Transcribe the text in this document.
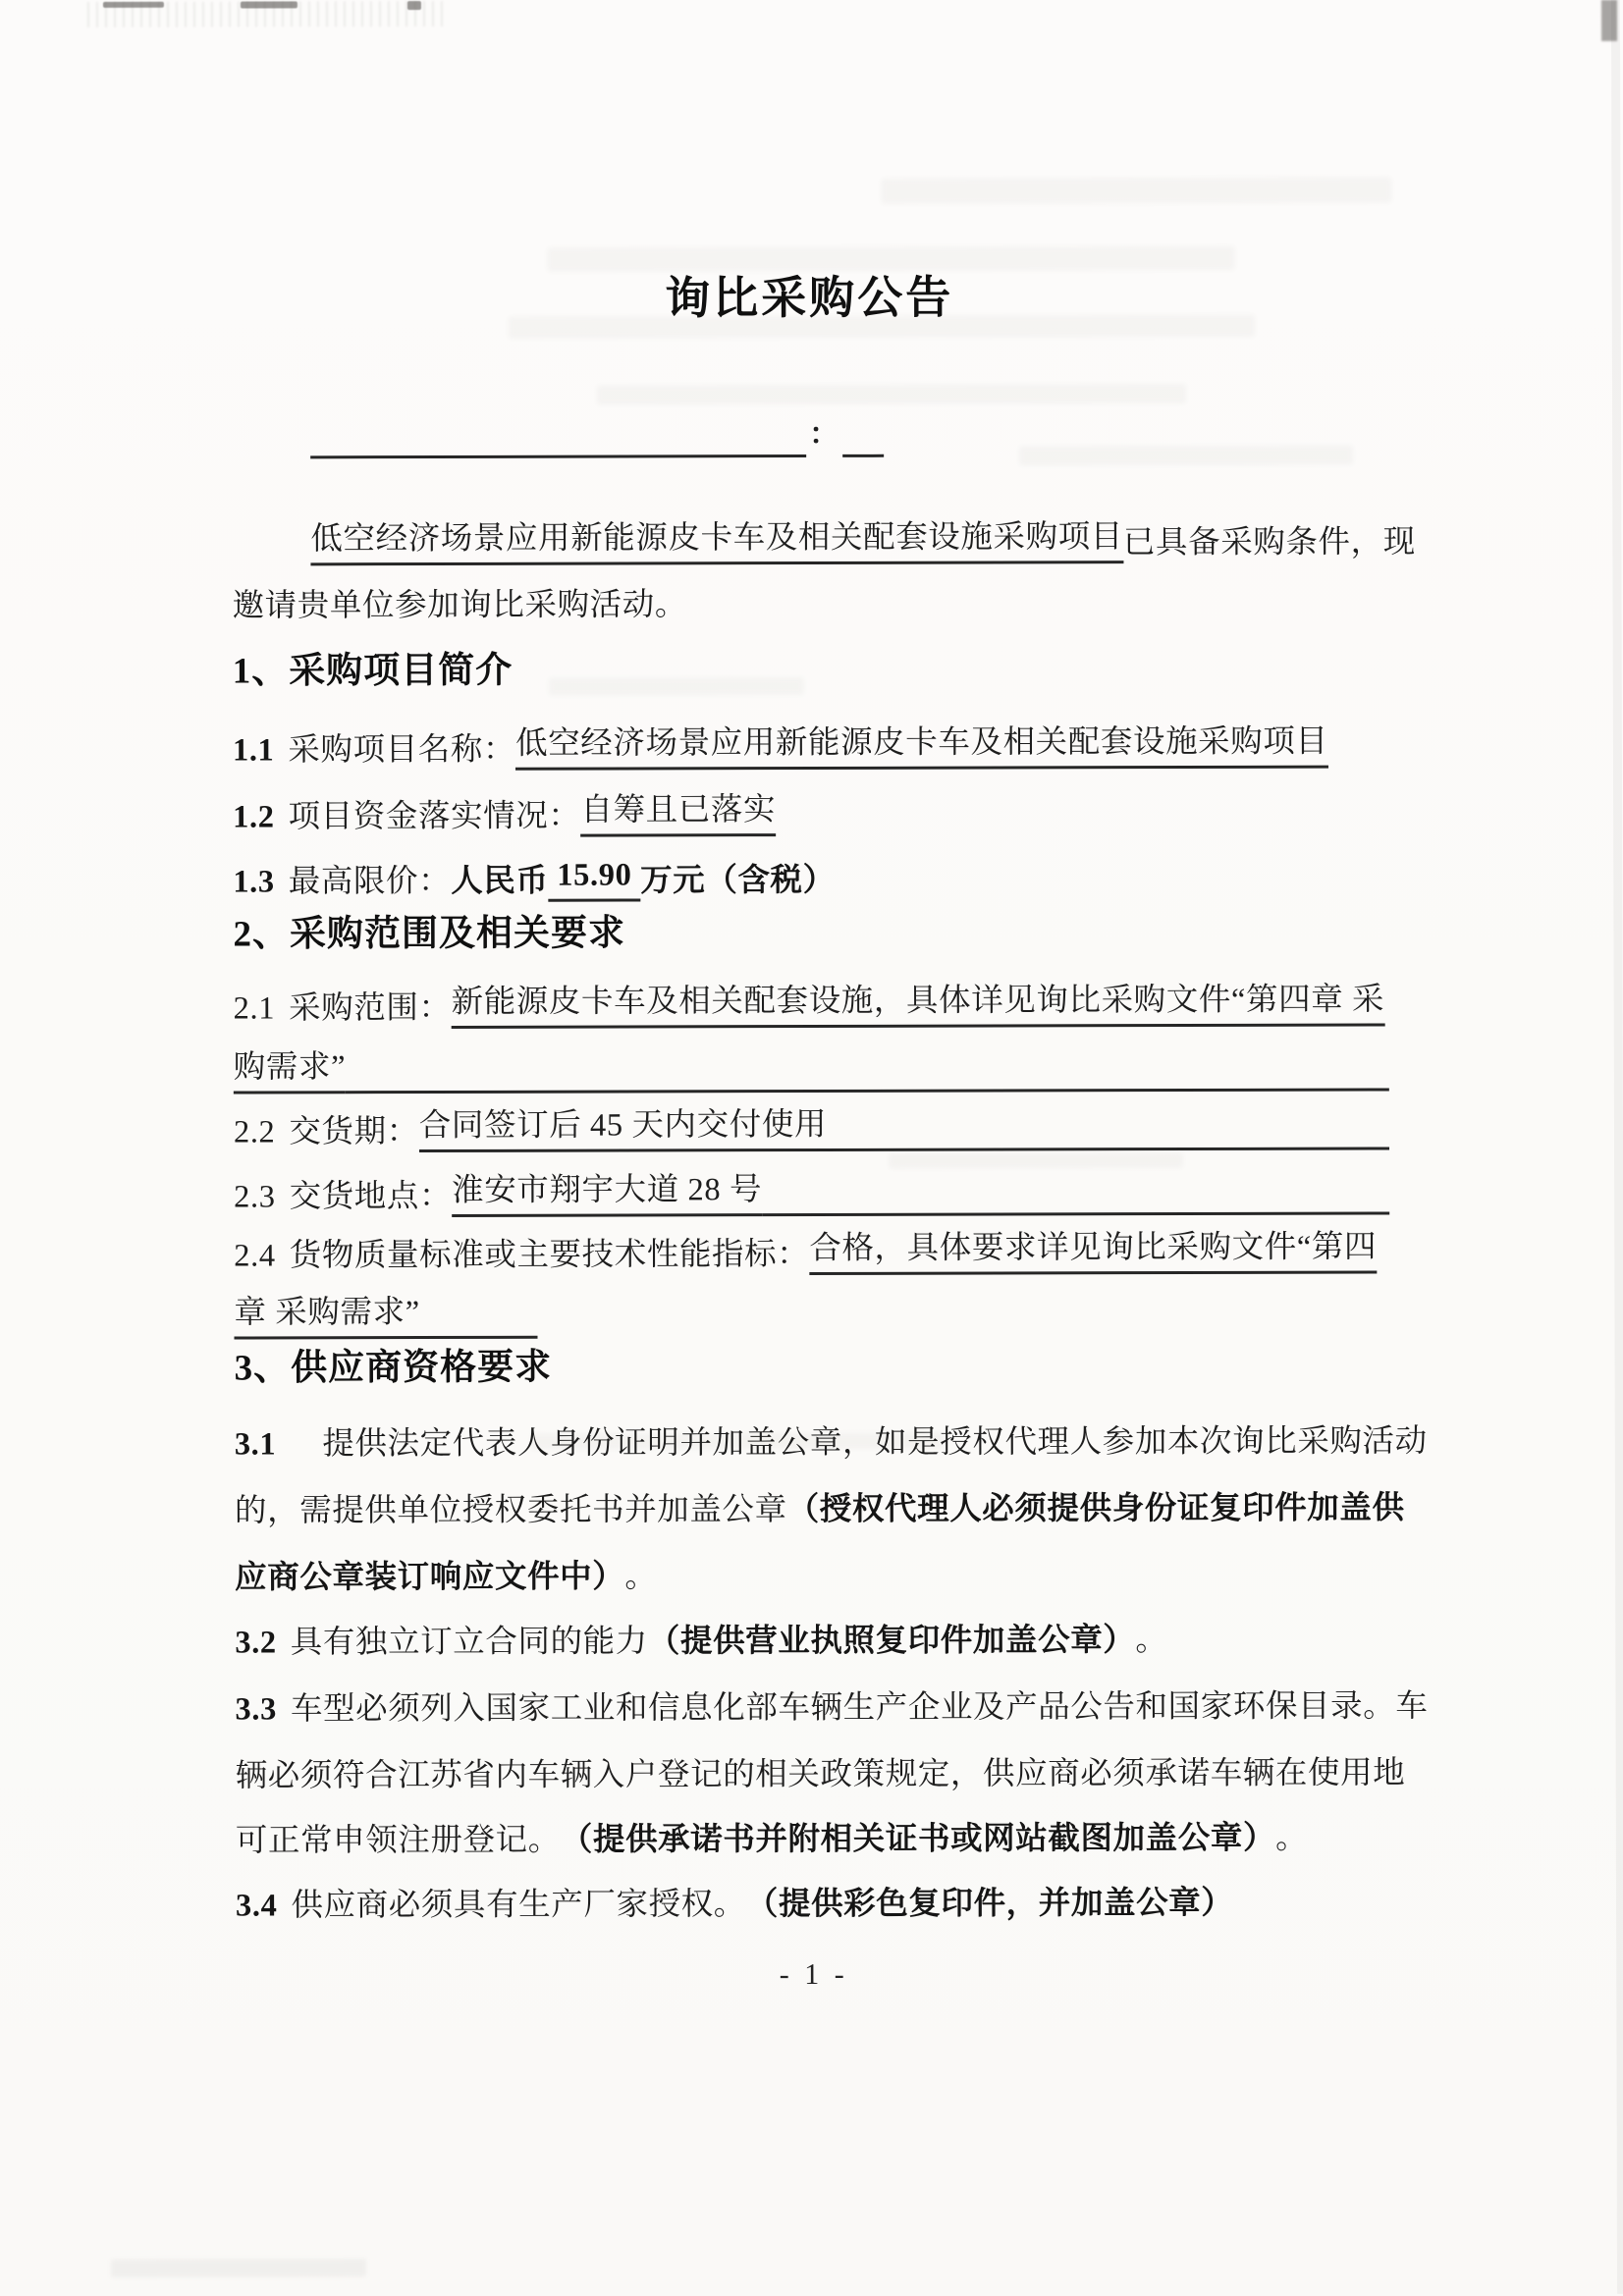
询比采购公告
：
低空经济场景应用新能源皮卡车及相关配套设施采购项目 已具备采购条件，现
邀请贵单位参加询比采购活动。
1、采购项目简介
1.1 采购项目名称： 低空经济场景应用新能源皮卡车及相关配套设施采购项目
1.2 项目资金落实情况： 自筹且已落实
1.3 最高限价： 人民币 15.90 万元（含税）
2、采购范围及相关要求
2.1 采购范围： 新能源皮卡车及相关配套设施，具体详见询比采购文件“第四章 采
购需求”
2.2 交货期： 合同签订后 45 天内交付使用
2.3 交货地点： 淮安市翔宇大道 28 号
2.4 货物质量标准或主要技术性能指标： 合格，具体要求详见询比采购文件“第四
章 采购需求”
3、供应商资格要求
3.1 　提供法定代表人身份证明并加盖公章，如是授权代理人参加本次询比采购活动
的，需提供单位授权委托书并加盖公章 （授权代理人必须提供身份证复印件加盖供
应商公章装订响应文件中） 。
3.2 具有独立订立合同的能力 （提供营业执照复印件加盖公章） 。
3.3 车型必须列入国家工业和信息化部车辆生产企业及产品公告和国家环保目录。车
辆必须符合江苏省内车辆入户登记的相关政策规定，供应商必须承诺车辆在使用地
可正常申领注册登记。 （提供承诺书并附相关证书或网站截图加盖公章） 。
3.4 供应商必须具有生产厂家授权。 （提供彩色复印件，并加盖公章）
- 1 -
